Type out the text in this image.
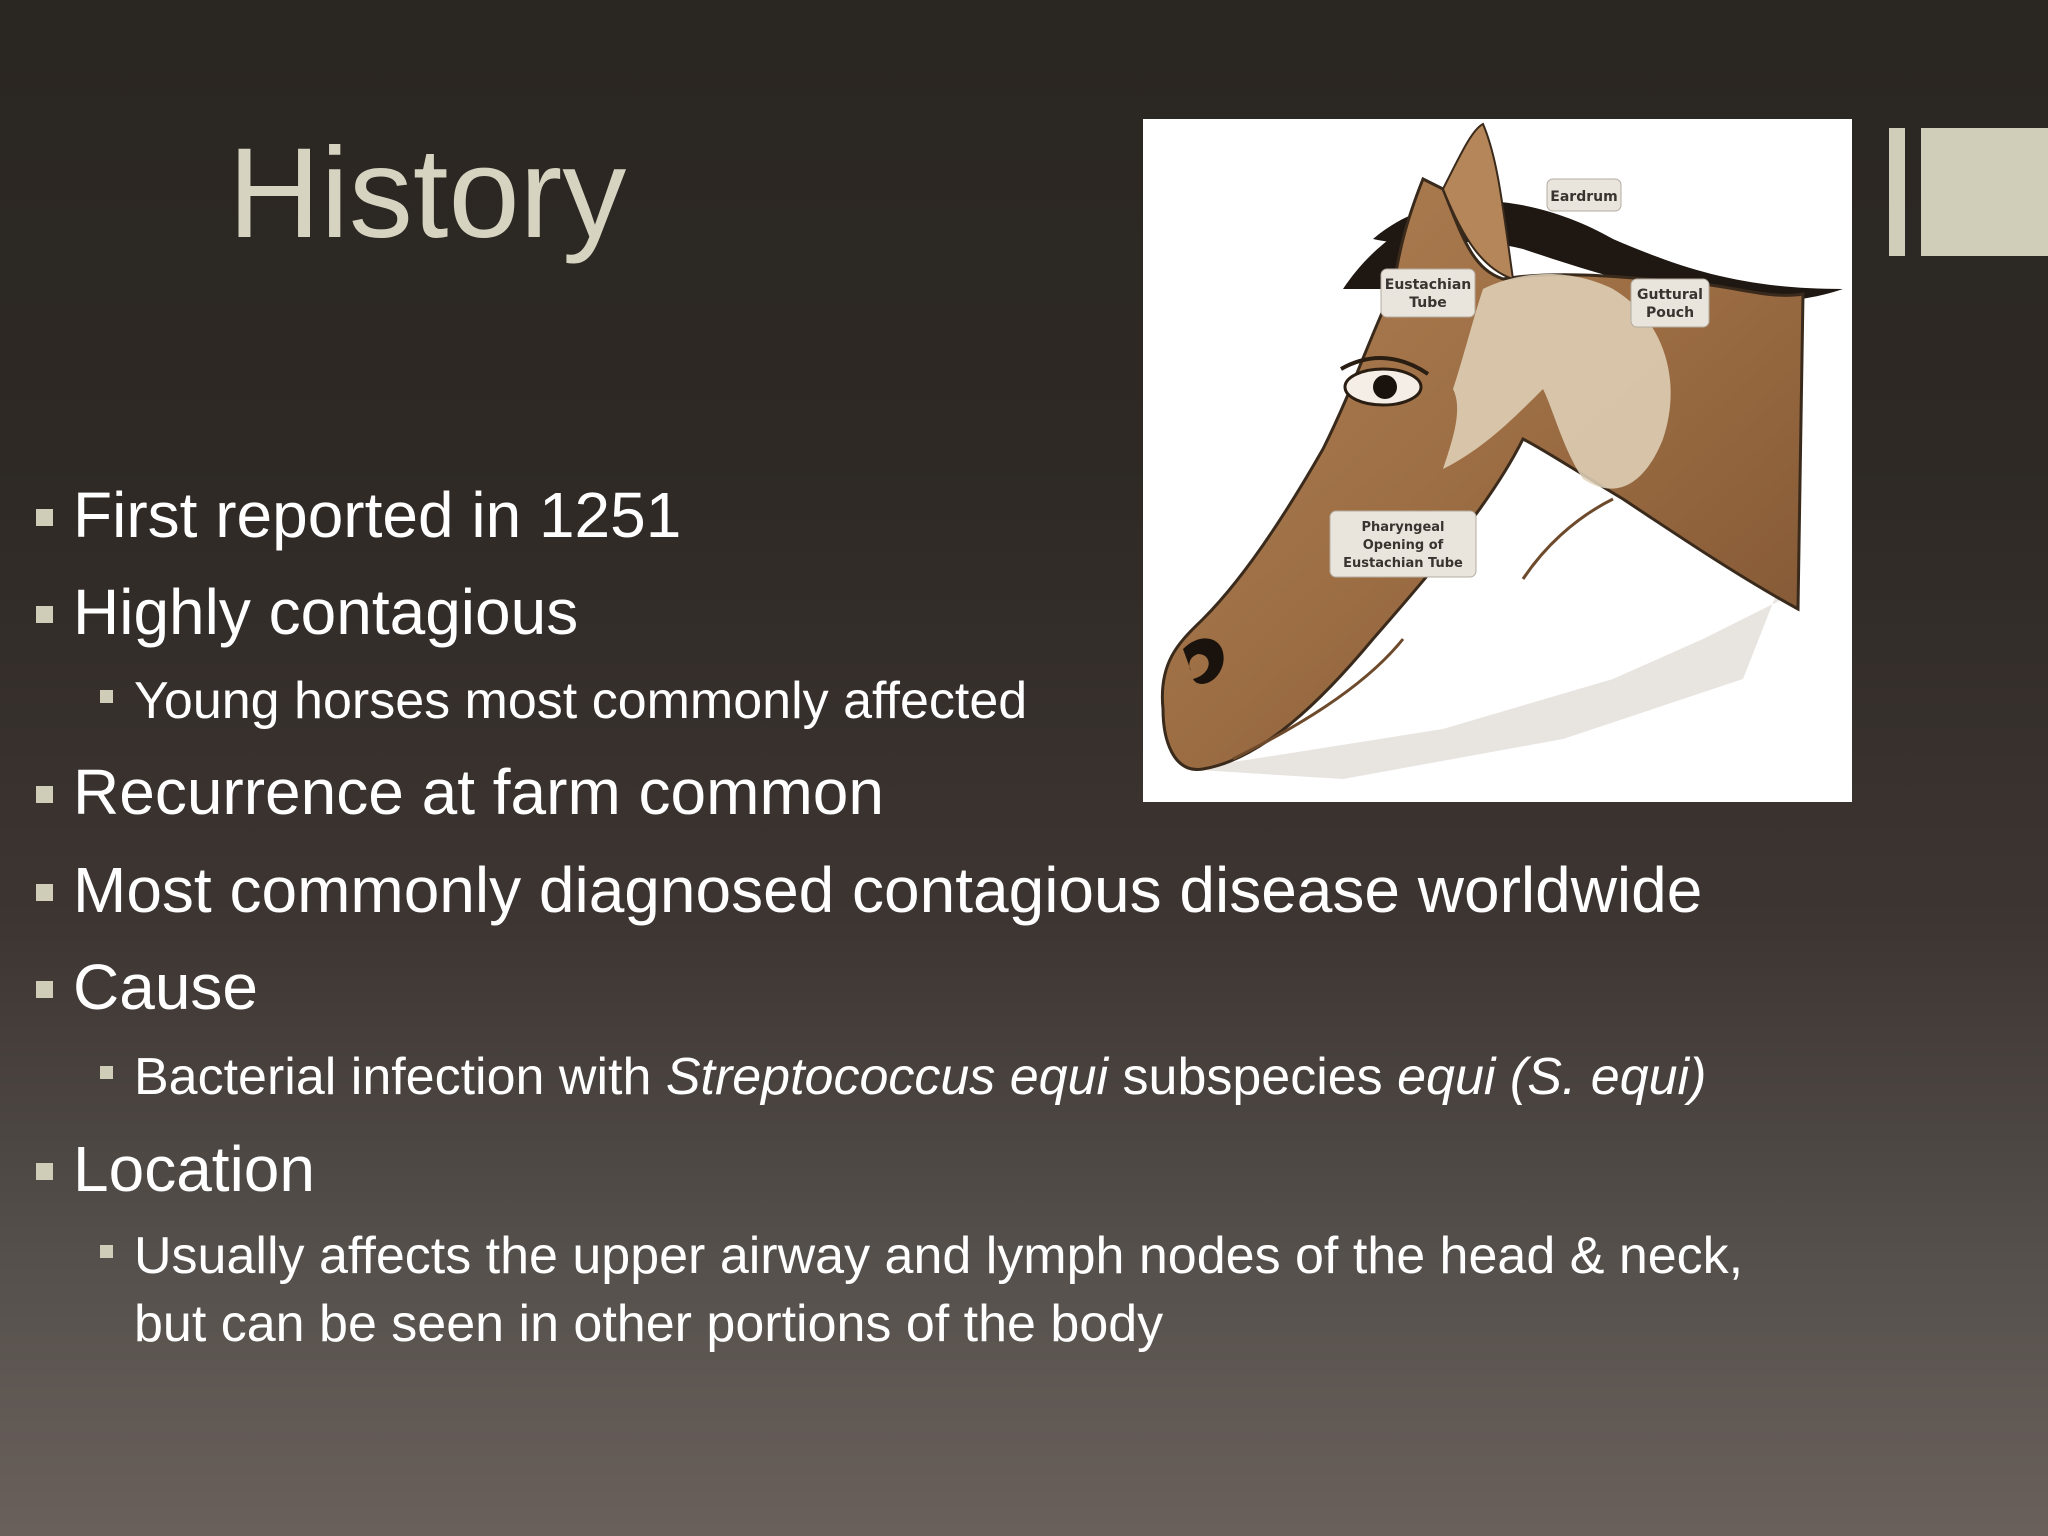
History	Eardrum
Eustachian
Tube	Guttural
Pouch
Pharyngeal
Opening of
Eustachian Tube
First reported in 1251
Highly contagious
Young horses most commonly affected
Recurrence at farm common
Most commonly diagnosed contagious disease worldwide
Cause
Bacterial infection with Streptococcus equi subspecies equi (S. equi)
Location
Usually affects the upper airway and lymph nodes of the head & neck,
but can be seen in other portions of the body
